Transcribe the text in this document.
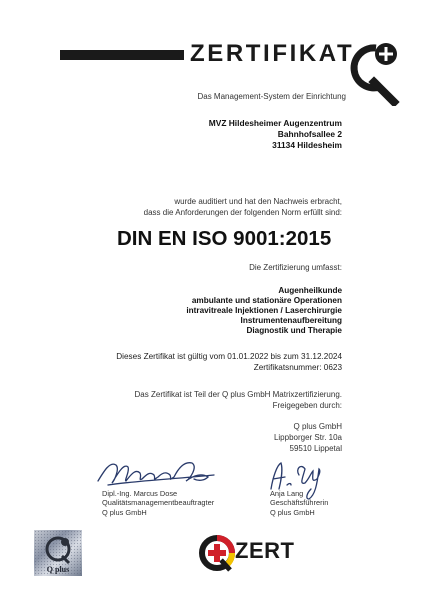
ZERTIFIKAT
Das Management-System der Einrichtung
MVZ Hildesheimer Augenzentrum
Bahnhofsallee 2
31134 Hildesheim
wurde auditiert und hat den Nachweis erbracht,
dass die Anforderungen der folgenden Norm erfüllt sind:
DIN EN ISO 9001:2015
Die Zertifizierung umfasst:
Augenheilkunde
ambulante und stationäre Operationen
intravitreale Injektionen / Laserchirurgie
Instrumentenaufbereitung
Diagnostik und Therapie
Dieses Zertifikat ist gültig vom 01.01.2022 bis zum 31.12.2024
Zertifikatsnummer: 0623
Das Zertifikat ist Teil der Q plus GmbH Matrixzertifizierung.
Freigegeben durch:
Q plus GmbH
Lippborger Str. 10a
59510 Lippetal
Dipl.-Ing. Marcus Dose
Qualitätsmanagementbeauftragter
Q plus GmbH
Anja Lang
Geschäftsführerin
Q plus GmbH
Q plus
ZERT
